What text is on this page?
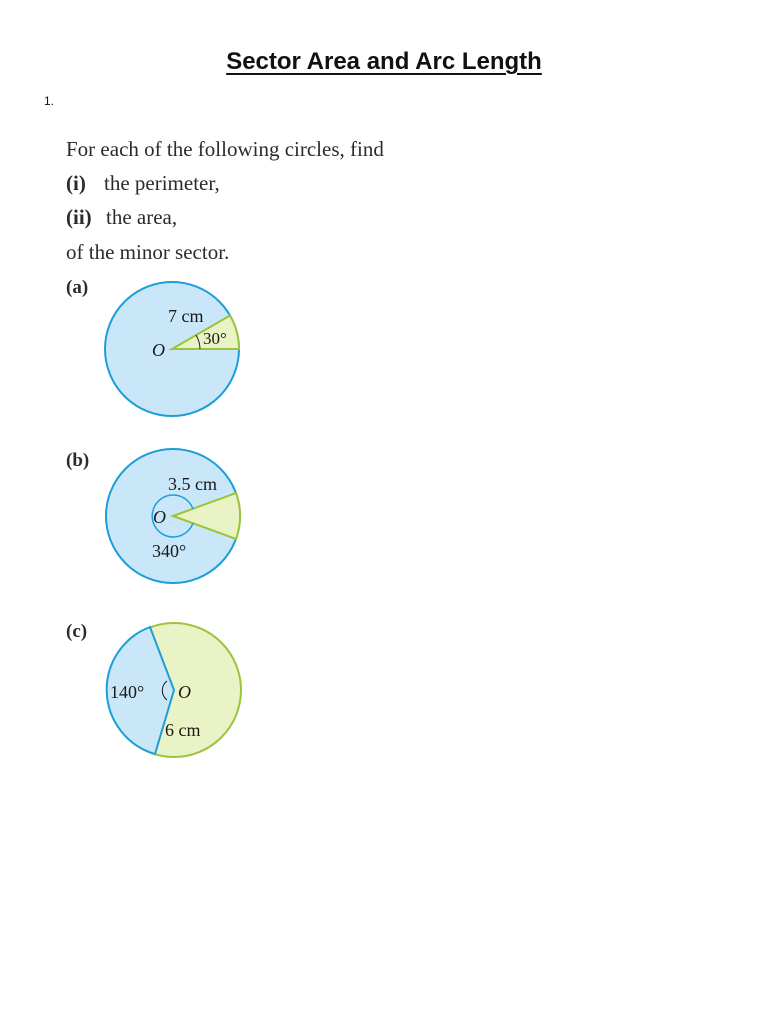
Sector Area and Arc Length
1.
For each of the following circles, find
(i) the perimeter,
(ii) the area,
of the minor sector.
(a)
7 cm
30°
O
(b)
3.5 cm
340°
O
(c)
140° O
6 cm
